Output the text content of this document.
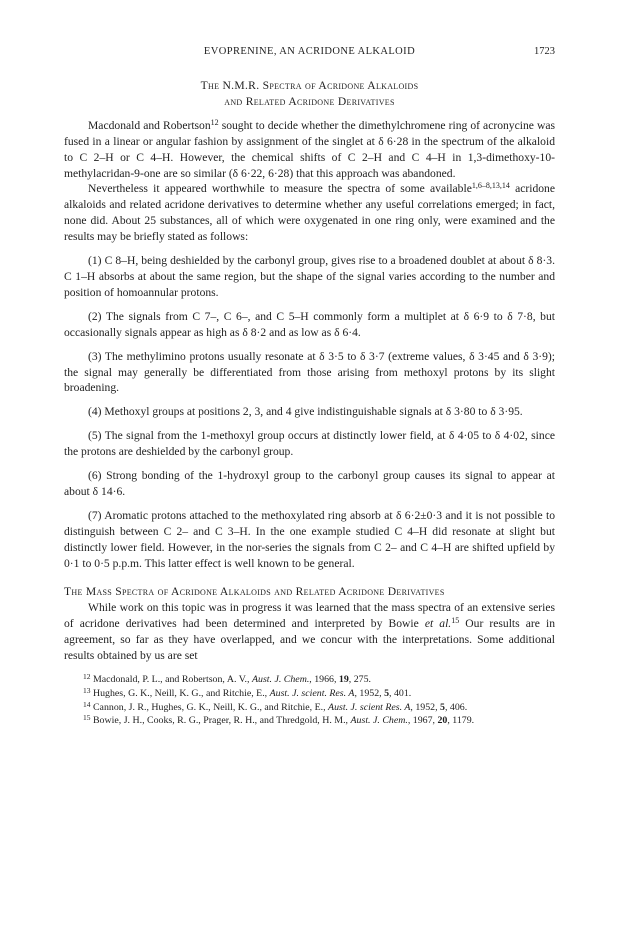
EVOPRENINE, AN ACRIDONE ALKALOID	1723
The N.M.R. Spectra of Acridone Alkaloids
and Related Acridone Derivatives

Macdonald and Robertson$^{12}$ sought to decide whether the dimethylchromene ring of acronycine was fused in a linear or angular fashion by assignment of the singlet at δ 6·28 in the spectrum of the alkaloid to C 2–H or C 4–H. However, the chemical shifts of C 2–H and C 4–H in 1,3-dimethoxy-10-methylacridan-9-one are so similar (δ 6·22, 6·28) that this approach was abandoned.

Nevertheless it appeared worthwhile to measure the spectra of some available$^{1,6-8,13,14}$ acridone alkaloids and related acridone derivatives to determine whether any useful correlations emerged; in fact, none did. About 25 substances, all of which were oxygenated in one ring only, were examined and the results may be briefly stated as follows:

(1) C 8–H, being deshielded by the carbonyl group, gives rise to a broadened doublet at about δ 8·3. C 1–H absorbs at about the same region, but the shape of the signal varies according to the number and position of homoannular protons.

(2) The signals from C 7–, C 6–, and C 5–H commonly form a multiplet at δ 6·9 to δ 7·8, but occasionally signals appear as high as δ 8·2 and as low as δ 6·4.

(3) The methylimino protons usually resonate at δ 3·5 to δ 3·7 (extreme values, δ 3·45 and δ 3·9); the signal may generally be differentiated from those arising from methoxyl protons by its slight broadening.

(4) Methoxyl groups at positions 2, 3, and 4 give indistinguishable signals at δ 3·80 to δ 3·95.

(5) The signal from the 1-methoxyl group occurs at distinctly lower field, at δ 4·05 to δ 4·02, since the protons are deshielded by the carbonyl group.

(6) Strong bonding of the 1-hydroxyl group to the carbonyl group causes its signal to appear at about δ 14·6.

(7) Aromatic protons attached to the methoxylated ring absorb at δ 6·2±0·3 and it is not possible to distinguish between C 2– and C 3–H. In the one example studied C 4–H did resonate at slight but distinctly lower field. However, in the nor-series the signals from C 2– and C 4–H are shifted upfield by 0·1 to 0·5 p.p.m. This latter effect is well known to be general.

The Mass Spectra of Acridone Alkaloids and Related Acridone Derivatives

While work on this topic was in progress it was learned that the mass spectra of an extensive series of acridone derivatives had been determined and interpreted by Bowie et al.$^{15}$ Our results are in agreement, so far as they have overlapped, and we concur with the interpretations. Some additional results obtained by us are set

$^{12}$ Macdonald, P. L., and Robertson, A. V., Aust. J. Chem., 1966, 19, 275.
$^{13}$ Hughes, G. K., Neill, K. G., and Ritchie, E., Aust. J. scient. Res. A, 1952, 5, 401.
$^{14}$ Cannon, J. R., Hughes, G. K., Neill, K. G., and Ritchie, E., Aust. J. scient Res. A, 1952, 5, 406.
$^{15}$ Bowie, J. H., Cooks, R. G., Prager, R. H., and Thredgold, H. M., Aust. J. Chem., 1967, 20, 1179.
